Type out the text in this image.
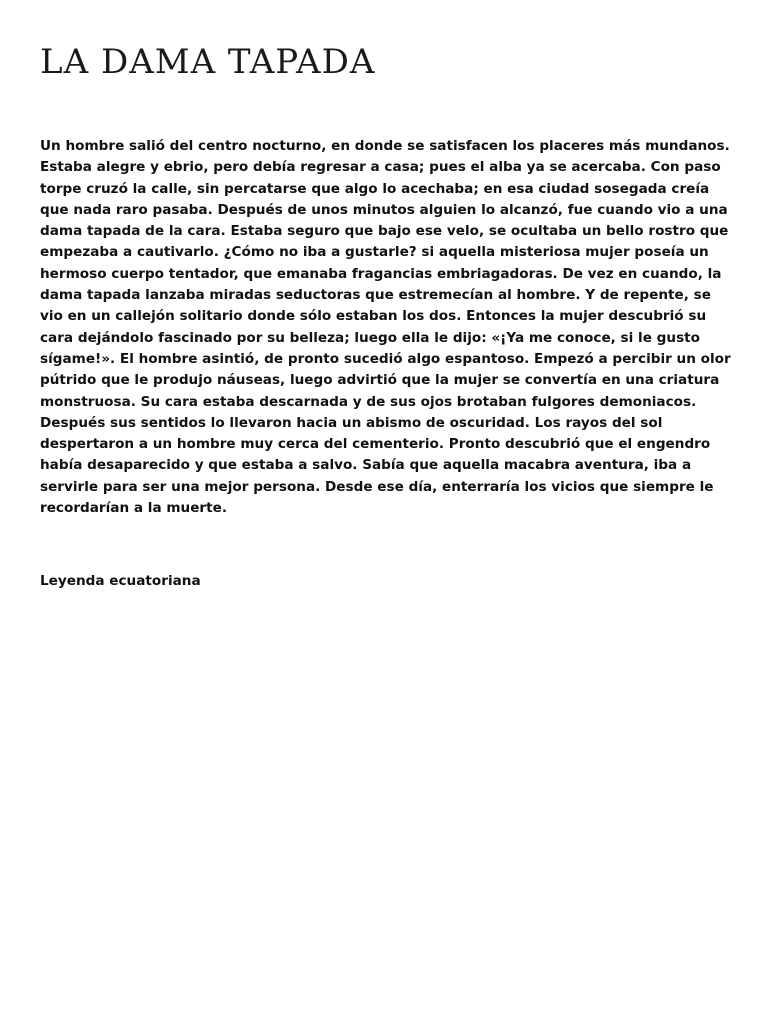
LA DAMA TAPADA

Un hombre salió del centro nocturno, en donde se satisfacen los placeres más mundanos. Estaba alegre y ebrio, pero debía regresar a casa; pues el alba ya se acercaba. Con paso torpe cruzó la calle, sin percatarse que algo lo acechaba; en esa ciudad sosegada creía que nada raro pasaba. Después de unos minutos alguien lo alcanzó, fue cuando vio a una dama tapada de la cara. Estaba seguro que bajo ese velo, se ocultaba un bello rostro que empezaba a cautivarlo. ¿Cómo no iba a gustarle? si aquella misteriosa mujer poseía un hermoso cuerpo tentador, que emanaba fragancias embriagadoras. De vez en cuando, la dama tapada lanzaba miradas seductoras que estremecían al hombre. Y de repente, se vio en un callejón solitario donde sólo estaban los dos. Entonces la mujer descubrió su cara dejándolo fascinado por su belleza; luego ella le dijo: «¡Ya me conoce, si le gusto sígame!». El hombre asintió, de pronto sucedió algo espantoso. Empezó a percibir un olor pútrido que le produjo náuseas, luego advirtió que la mujer se convertía en una criatura monstruosa. Su cara estaba descarnada y de sus ojos brotaban fulgores demoniacos. Después sus sentidos lo llevaron hacia un abismo de oscuridad. Los rayos del sol despertaron a un hombre muy cerca del cementerio. Pronto descubrió que el engendro había desaparecido y que estaba a salvo. Sabía que aquella macabra aventura, iba a servirle para ser una mejor persona. Desde ese día, enterraría los vicios que siempre le recordarían a la muerte.

Leyenda ecuatoriana
